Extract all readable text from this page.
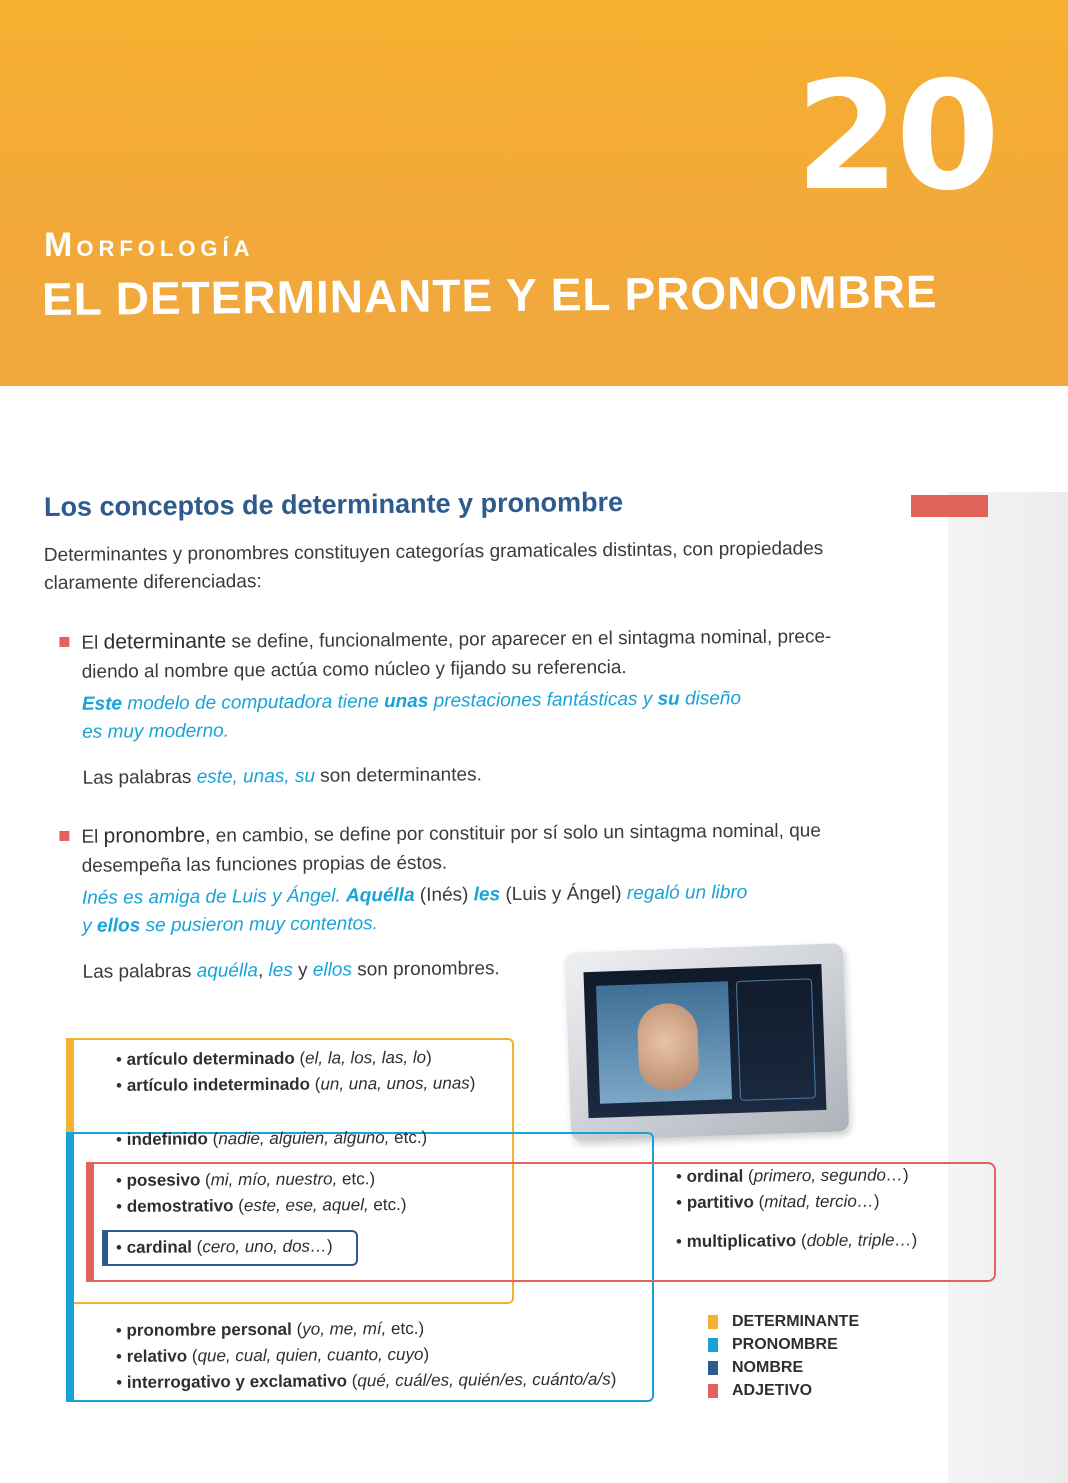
20
MORFOLOGÍA
EL DETERMINANTE Y EL PRONOMBRE
Los conceptos de determinante y pronombre
Determinantes y pronombres constituyen categorías gramaticales distintas, con propiedades claramente diferenciadas:
El determinante se define, funcionalmente, por aparecer en el sintagma nominal, prece-
diendo al nombre que actúa como núcleo y fijando su referencia.
Este modelo de computadora tiene unas prestaciones fantásticas y su diseño
es muy moderno.
Las palabras este, unas, su son determinantes.
El pronombre, en cambio, se define por constituir por sí solo un sintagma nominal, que
desempeña las funciones propias de éstos.
Inés es amiga de Luis y Ángel. Aquélla (Inés) les (Luis y Ángel) regaló un libro
y ellos se pusieron muy contentos.
Las palabras aquélla, les y ellos son pronombres.
• artículo determinado (el, la, los, las, lo)
• artículo indeterminado (un, una, unos, unas)
• indefinido (nadie, alguien, alguno, etc.)
• posesivo (mi, mío, nuestro, etc.)
• demostrativo (este, ese, aquel, etc.)
• cardinal (cero, uno, dos…)
• ordinal (primero, segundo…)
• partitivo (mitad, tercio…)
• multiplicativo (doble, triple…)
• pronombre personal (yo, me, mí, etc.)
• relativo (que, cual, quien, cuanto, cuyo)
• interrogativo y exclamativo (qué, cuál/es, quién/es, cuánto/a/s)
DETERMINANTE
PRONOMBRE
NOMBRE
ADJETIVO
